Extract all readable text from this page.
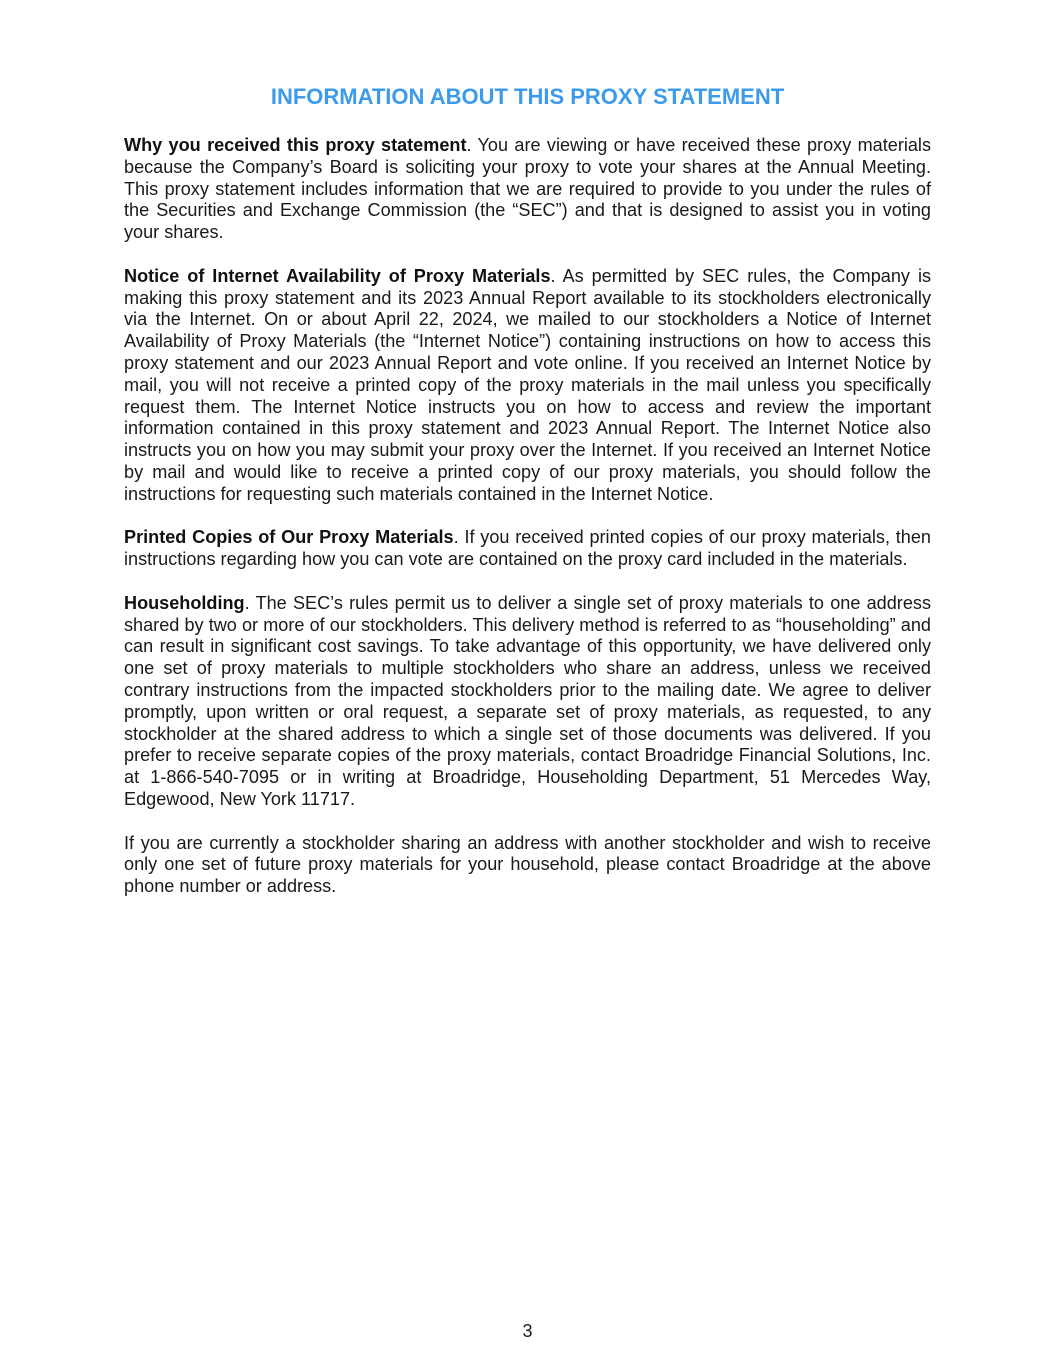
INFORMATION ABOUT THIS PROXY STATEMENT

Why you received this proxy statement. You are viewing or have received these proxy materials because the Company’s Board is soliciting your proxy to vote your shares at the Annual Meeting. This proxy statement includes information that we are required to provide to you under the rules of the Securities and Exchange Commission (the “SEC”) and that is designed to assist you in voting your shares.

Notice of Internet Availability of Proxy Materials. As permitted by SEC rules, the Company is making this proxy statement and its 2023 Annual Report available to its stockholders electronically via the Internet. On or about April 22, 2024, we mailed to our stockholders a Notice of Internet Availability of Proxy Materials (the “Internet Notice”) containing instructions on how to access this proxy statement and our 2023 Annual Report and vote online. If you received an Internet Notice by mail, you will not receive a printed copy of the proxy materials in the mail unless you specifically request them. The Internet Notice instructs you on how to access and review the important information contained in this proxy statement and 2023 Annual Report. The Internet Notice also instructs you on how you may submit your proxy over the Internet. If you received an Internet Notice by mail and would like to receive a printed copy of our proxy materials, you should follow the instructions for requesting such materials contained in the Internet Notice.

Printed Copies of Our Proxy Materials. If you received printed copies of our proxy materials, then instructions regarding how you can vote are contained on the proxy card included in the materials.

Householding. The SEC’s rules permit us to deliver a single set of proxy materials to one address shared by two or more of our stockholders. This delivery method is referred to as “householding” and can result in significant cost savings. To take advantage of this opportunity, we have delivered only one set of proxy materials to multiple stockholders who share an address, unless we received contrary instructions from the impacted stockholders prior to the mailing date. We agree to deliver promptly, upon written or oral request, a separate set of proxy materials, as requested, to any stockholder at the shared address to which a single set of those documents was delivered. If you prefer to receive separate copies of the proxy materials, contact Broadridge Financial Solutions, Inc. at 1-866-540-7095 or in writing at Broadridge, Householding Department, 51 Mercedes Way, Edgewood, New York 11717.

If you are currently a stockholder sharing an address with another stockholder and wish to receive only one set of future proxy materials for your household, please contact Broadridge at the above phone number or address.

3
